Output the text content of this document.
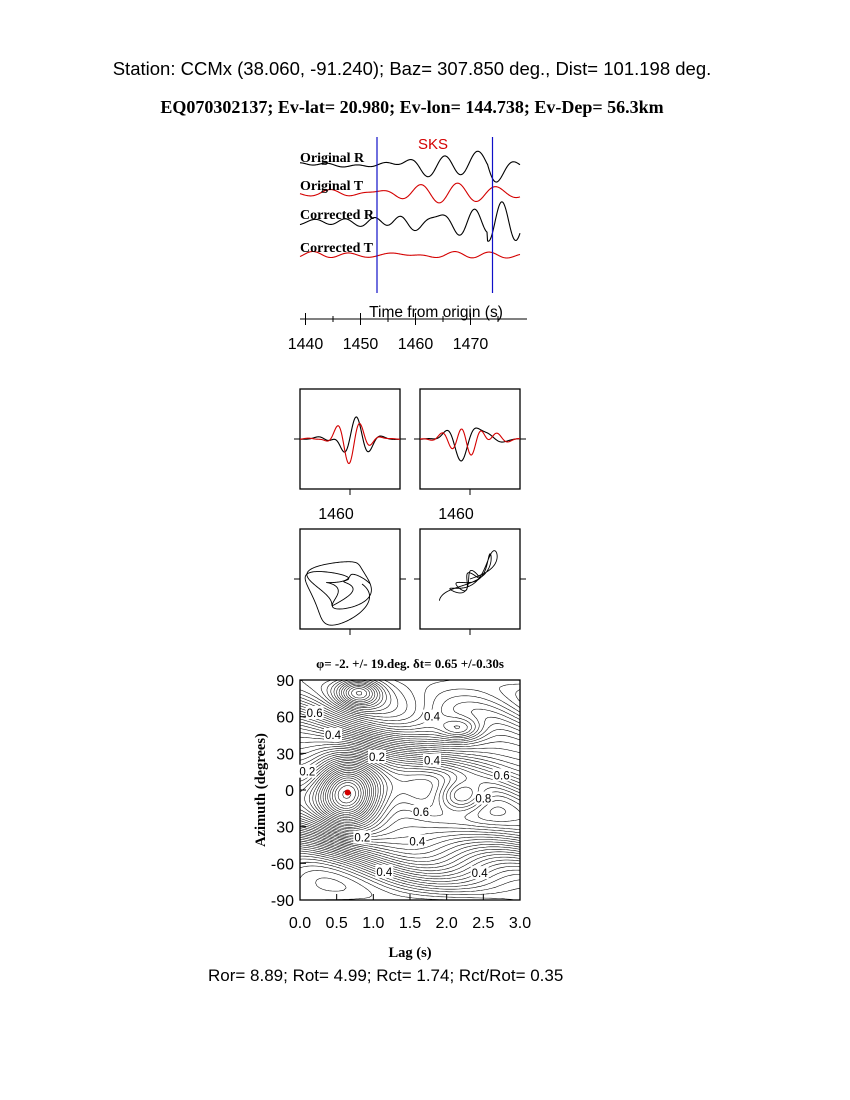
Station: CCMx (38.060, -91.240); Baz= 307.850 deg., Dist= 101.198 deg.
EQ070302137; Ev-lat= 20.980; Ev-lon= 144.738; Ev-Dep= 56.3km
Original R
Original T
Corrected R
Corrected T
SKS
Time from origin (s)
1440 1450 1460 1470
1460	1460
0.6	0.4
0.4
0.2	0.4
0.6
0.2
0.8
0.6
0.2	0.4
0.4	0.4
φ= -2. +/- 19.deg. δt= 0.65 +/-0.30s
0.0 0.5 1.0 1.5 2.0 2.5 3.0
90
60
30
0
30
-60
-90
Lag (s)
Azimuth (degrees)
Ror= 8.89; Rot= 4.99; Rct= 1.74; Rct/Rot= 0.35
